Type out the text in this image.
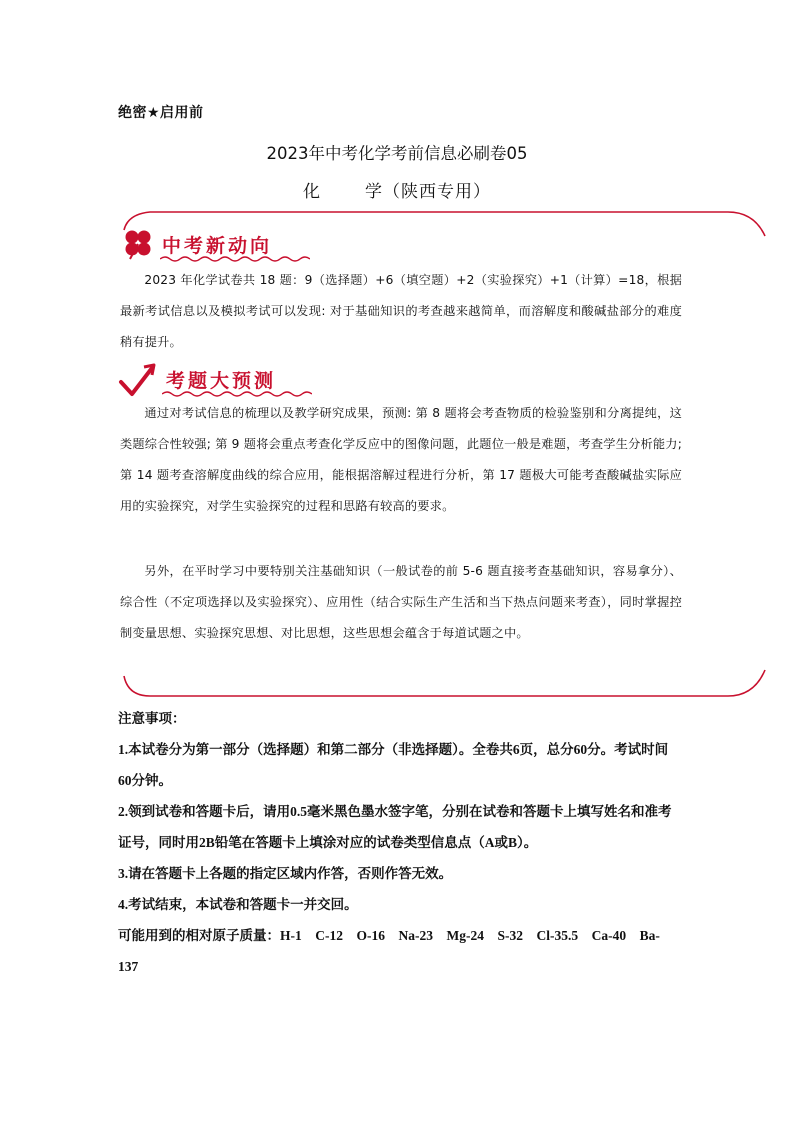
绝密★启用前
2023年中考化学考前信息必刷卷05
化	学（陕西专用）
中考新动向
2023 年化学试卷共 18 题：9（选择题）+6（填空题）+2（实验探究）+1（计算）=18，根据最新考试信息以及模拟考试可以发现: 对于基础知识的考查越来越简单，而溶解度和酸碱盐部分的难度稍有提升。
考题大预测
通过对考试信息的梳理以及教学研究成果，预测: 第 8 题将会考查物质的检验鉴别和分离提纯，这类题综合性较强; 第 9 题将会重点考查化学反应中的图像问题，此题位一般是难题，考查学生分析能力; 第 14 题考查溶解度曲线的综合应用，能根据溶解过程进行分析，第 17 题极大可能考查酸碱盐实际应用的实验探究，对学生实验探究的过程和思路有较高的要求。
另外，在平时学习中要特别关注基础知识（一般试卷的前 5-6 题直接考查基础知识，容易拿分）、综合性（不定项选择以及实验探究）、应用性（结合实际生产生活和当下热点问题来考查），同时掌握控制变量思想、实验探究思想、对比思想，这些思想会蕴含于每道试题之中。

注意事项：

1.本试卷分为第一部分（选择题）和第二部分（非选择题）。全卷共6页，总分60分。考试时间60分钟。

2.领到试卷和答题卡后，请用0.5毫米黑色墨水签字笔，分别在试卷和答题卡上填写姓名和准考证号，同时用2B铅笔在答题卡上填涂对应的试卷类型信息点（A或B）。

3.请在答题卡上各题的指定区域内作答，否则作答无效。

4.考试结束，本试卷和答题卡一并交回。

可能用到的相对原子质量：H-1　C-12　O-16　Na-23　Mg-24　S-32　Cl-35.5　Ca-40　Ba-137
